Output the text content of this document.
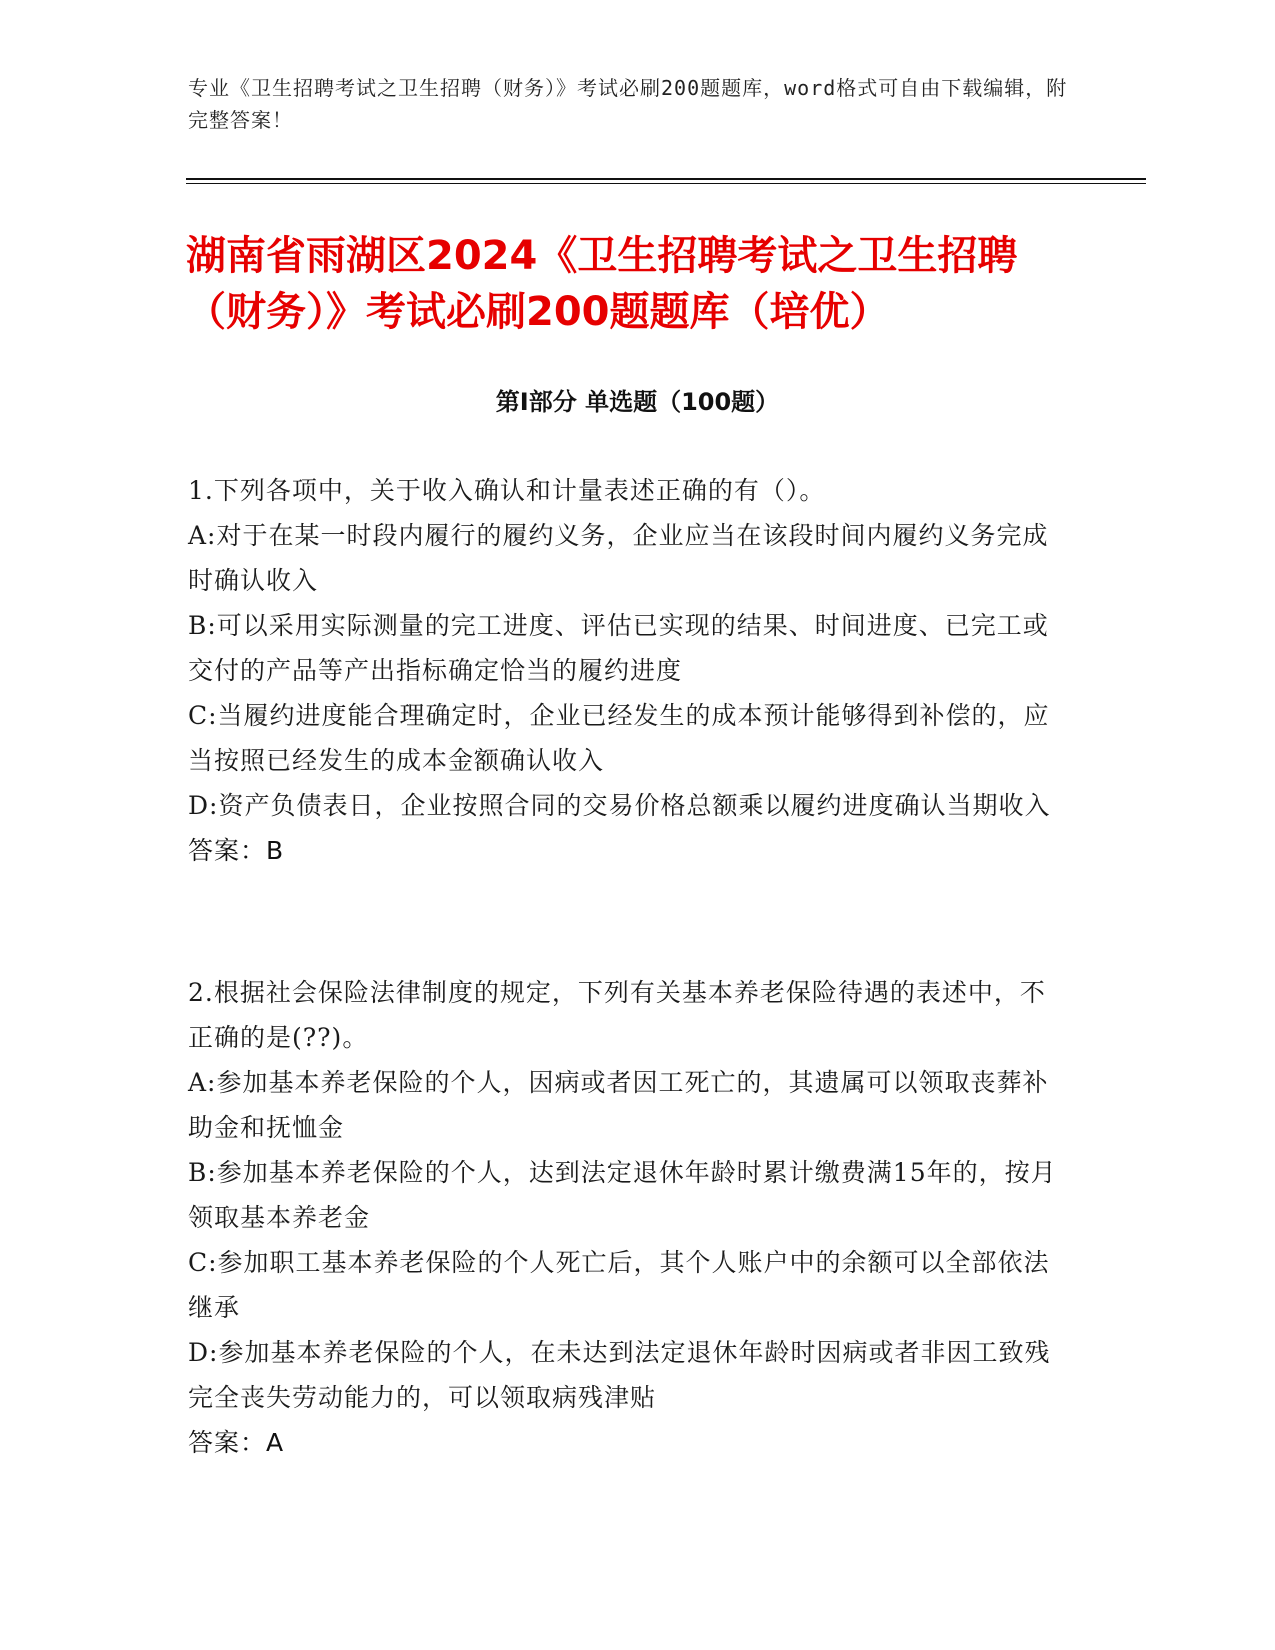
专业《卫生招聘考试之卫生招聘（财务）》考试必刷200题题库，word格式可自由下载编辑，附完整答案！
湖南省雨湖区2024《卫生招聘考试之卫生招聘（财务）》考试必刷200题题库（培优）
第I部分 单选题（100题）
1.下列各项中，关于收入确认和计量表述正确的有（）。
A:对于在某一时段内履行的履约义务，企业应当在该段时间内履约义务完成时确认收入
B:可以采用实际测量的完工进度、评估已实现的结果、时间进度、已完工或交付的产品等产出指标确定恰当的履约进度
C:当履约进度能合理确定时，企业已经发生的成本预计能够得到补偿的，应当按照已经发生的成本金额确认收入
D:资产负债表日，企业按照合同的交易价格总额乘以履约进度确认当期收入
答案：B
2.根据社会保险法律制度的规定，下列有关基本养老保险待遇的表述中，不正确的是(??)。
A:参加基本养老保险的个人，因病或者因工死亡的，其遗属可以领取丧葬补助金和抚恤金
B:参加基本养老保险的个人，达到法定退休年龄时累计缴费满15年的，按月领取基本养老金
C:参加职工基本养老保险的个人死亡后，其个人账户中的余额可以全部依法继承
D:参加基本养老保险的个人，在未达到法定退休年龄时因病或者非因工致残完全丧失劳动能力的，可以领取病残津贴
答案：A
